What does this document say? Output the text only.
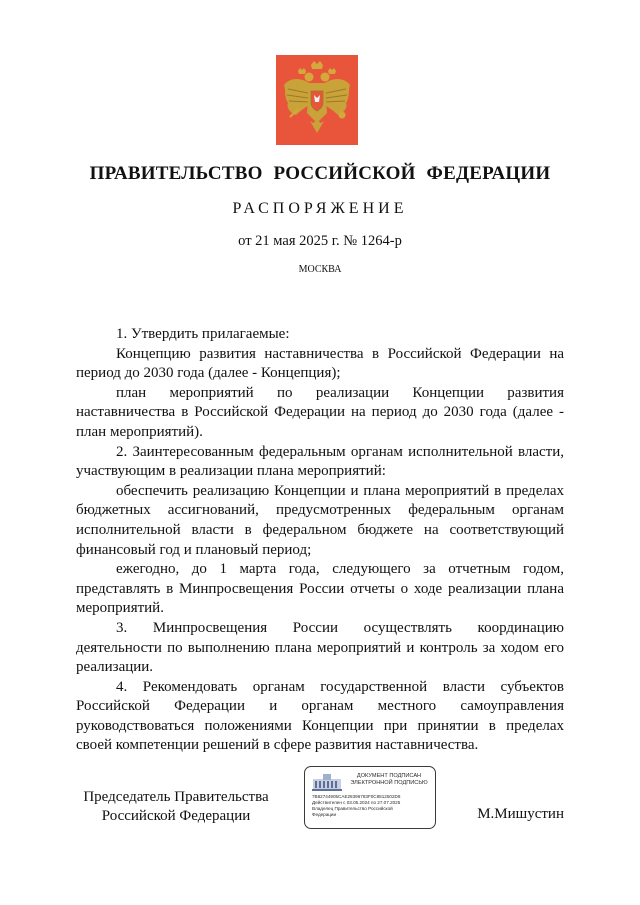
ПРАВИТЕЛЬСТВО РОССИЙСКОЙ ФЕДЕРАЦИИ
РАСПОРЯЖЕНИЕ
от 21 мая 2025 г. № 1264-р
МОСКВА

1. Утвердить прилагаемые:

Концепцию развития наставничества в Российской Федерации на период до 2030 года (далее - Концепция);

план мероприятий по реализации Концепции развития наставничества в Российской Федерации на период до 2030 года (далее - план мероприятий).

2. Заинтересованным федеральным органам исполнительной власти, участвующим в реализации плана мероприятий:

обеспечить реализацию Концепции и плана мероприятий в пределах бюджетных ассигнований, предусмотренных федеральным органам исполнительной власти в федеральном бюджете на соответствующий финансовый год и плановый период;

ежегодно, до 1 марта года, следующего за отчетным годом, представлять в Минпросвещения России отчеты о ходе реализации плана мероприятий.

3. Минпросвещения России осуществлять координацию деятельности по выполнению плана мероприятий и контроль за ходом его реализации.

4. Рекомендовать органам государственной власти субъектов Российской Федерации и органам местного самоуправления руководствоваться положениями Концепции при принятии в пределах своей компетенции решений в сфере развития наставничества.

Председатель Правительства
Российской Федерации
ДОКУМЕНТ ПОДПИСАН
ЭЛЕКТРОННОЙ ПОДПИСЬЮ
7B82744905CAE28396783F0C8812502D8
Действителен с 03.05.2024 по 27.07.2025
Владелец Правительство Российской
Федерации	М.Мишустин
